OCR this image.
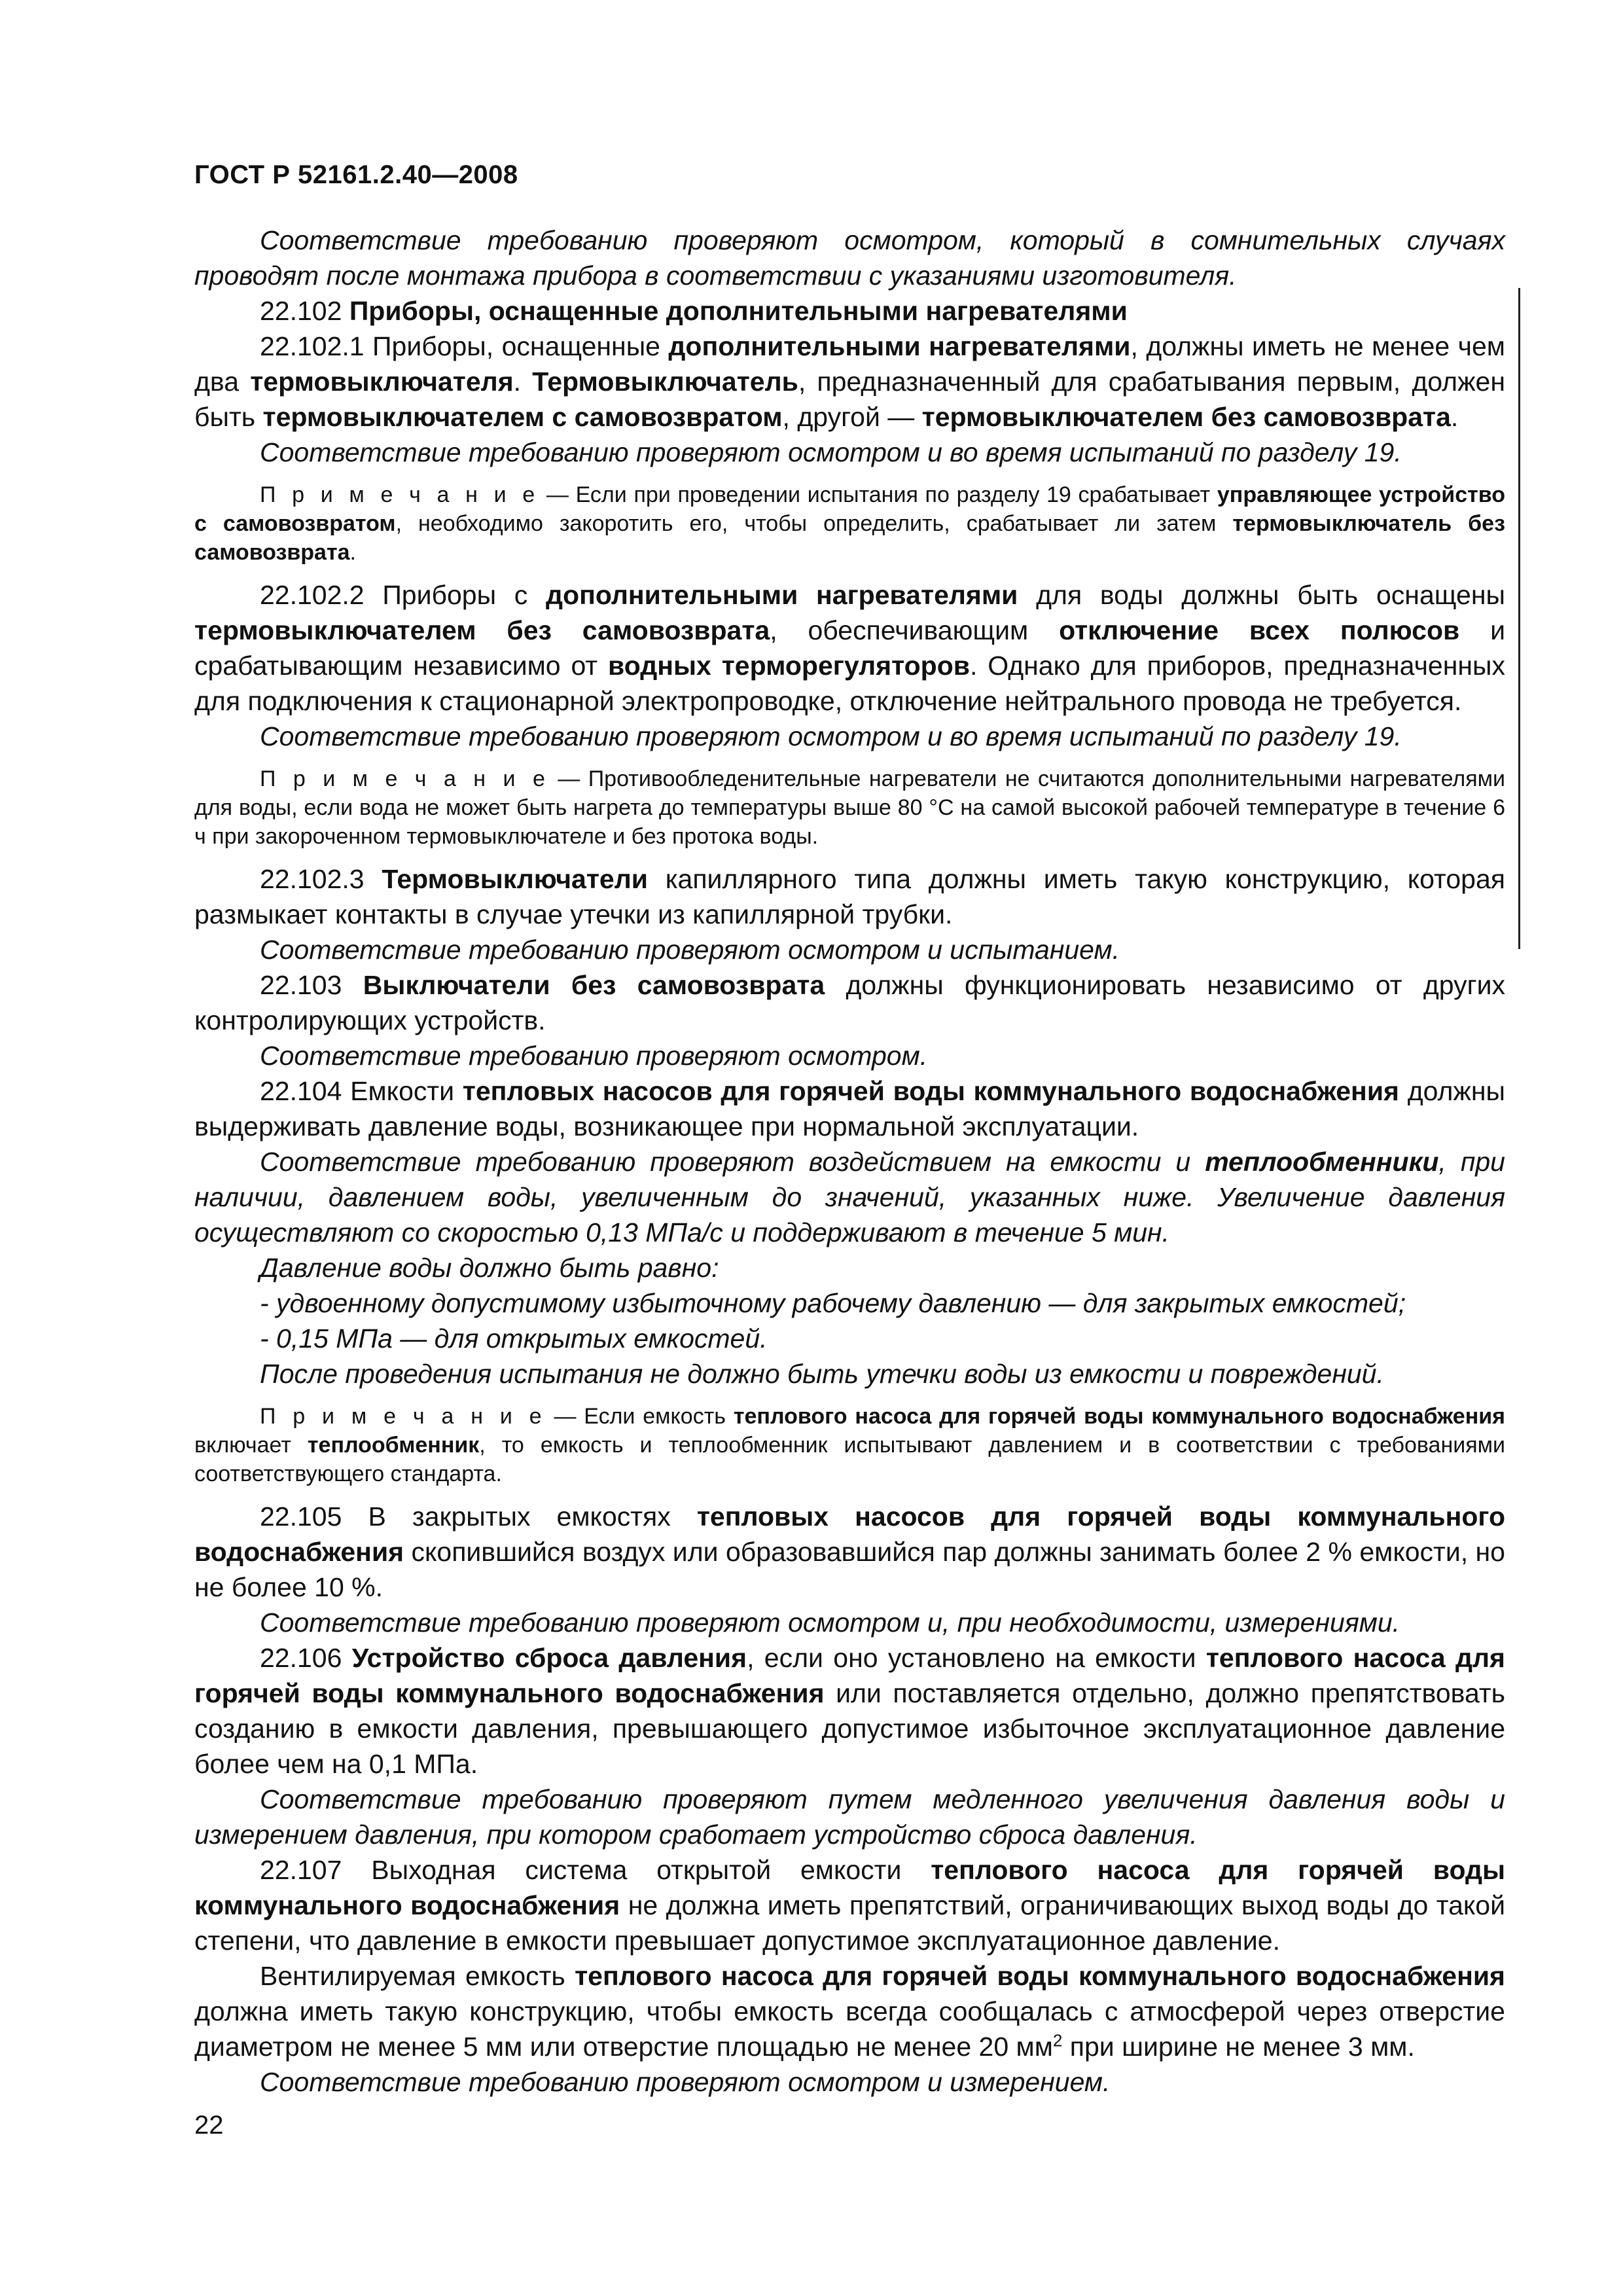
ГОСТ Р 52161.2.40—2008

Соответствие требованию проверяют осмотром, который в сомнительных случаях проводят после монтажа прибора в соответствии с указаниями изготовителя.

22.102 Приборы, оснащенные дополнительными нагревателями

22.102.1 Приборы, оснащенные дополнительными нагревателями, должны иметь не менее чем два термовыключателя. Термовыключатель, предназначенный для срабатывания первым, должен быть термовыключателем с самовозвратом, другой — термовыключателем без самовозврата.

Соответствие требованию проверяют осмотром и во время испытаний по разделу 19.

П р и м е ч а н и е — Если при проведении испытания по разделу 19 срабатывает управляющее устройство с самовозвратом, необходимо закоротить его, чтобы определить, срабатывает ли затем термовыключатель без самовозврата.

22.102.2 Приборы с дополнительными нагревателями для воды должны быть оснащены термовыключателем без самовозврата, обеспечивающим отключение всех полюсов и срабатывающим независимо от водных терморегуляторов. Однако для приборов, предназначенных для подключения к стационарной электропроводке, отключение нейтрального провода не требуется.

Соответствие требованию проверяют осмотром и во время испытаний по разделу 19.

П р и м е ч а н и е — Противообледенительные нагреватели не считаются дополнительными нагревателями для воды, если вода не может быть нагрета до температуры выше 80 °С на самой высокой рабочей температуре в течение 6 ч при закороченном термовыключателе и без протока воды.

22.102.3 Термовыключатели капиллярного типа должны иметь такую конструкцию, которая размыкает контакты в случае утечки из капиллярной трубки.

Соответствие требованию проверяют осмотром и испытанием.

22.103 Выключатели без самовозврата должны функционировать независимо от других контролирующих устройств.

Соответствие требованию проверяют осмотром.

22.104 Емкости тепловых насосов для горячей воды коммунального водоснабжения должны выдерживать давление воды, возникающее при нормальной эксплуатации.

Соответствие требованию проверяют воздействием на емкости и теплообменники, при наличии, давлением воды, увеличенным до значений, указанных ниже. Увеличение давления осуществляют со скоростью 0,13 МПа/с и поддерживают в течение 5 мин.

Давление воды должно быть равно:

- удвоенному допустимому избыточному рабочему давлению — для закрытых емкостей;

- 0,15 МПа — для открытых емкостей.

После проведения испытания не должно быть утечки воды из емкости и повреждений.

П р и м е ч а н и е — Если емкость теплового насоса для горячей воды коммунального водоснабжения включает теплообменник, то емкость и теплообменник испытывают давлением и в соответствии с требованиями соответствующего стандарта.

22.105 В закрытых емкостях тепловых насосов для горячей воды коммунального водоснабжения скопившийся воздух или образовавшийся пар должны занимать более 2 % емкости, но не более 10 %.

Соответствие требованию проверяют осмотром и, при необходимости, измерениями.

22.106 Устройство сброса давления, если оно установлено на емкости теплового насоса для горячей воды коммунального водоснабжения или поставляется отдельно, должно препятствовать созданию в емкости давления, превышающего допустимое избыточное эксплуатационное давление более чем на 0,1 МПа.

Соответствие требованию проверяют путем медленного увеличения давления воды и измерением давления, при котором сработает устройство сброса давления.

22.107 Выходная система открытой емкости теплового насоса для горячей воды коммунального водоснабжения не должна иметь препятствий, ограничивающих выход воды до такой степени, что давление в емкости превышает допустимое эксплуатационное давление.

Вентилируемая емкость теплового насоса для горячей воды коммунального водоснабжения должна иметь такую конструкцию, чтобы емкость всегда сообщалась с атмосферой через отверстие диаметром не менее 5 мм или отверстие площадью не менее 20 $мм^2$ при ширине не менее 3 мм.

Соответствие требованию проверяют осмотром и измерением.

22
